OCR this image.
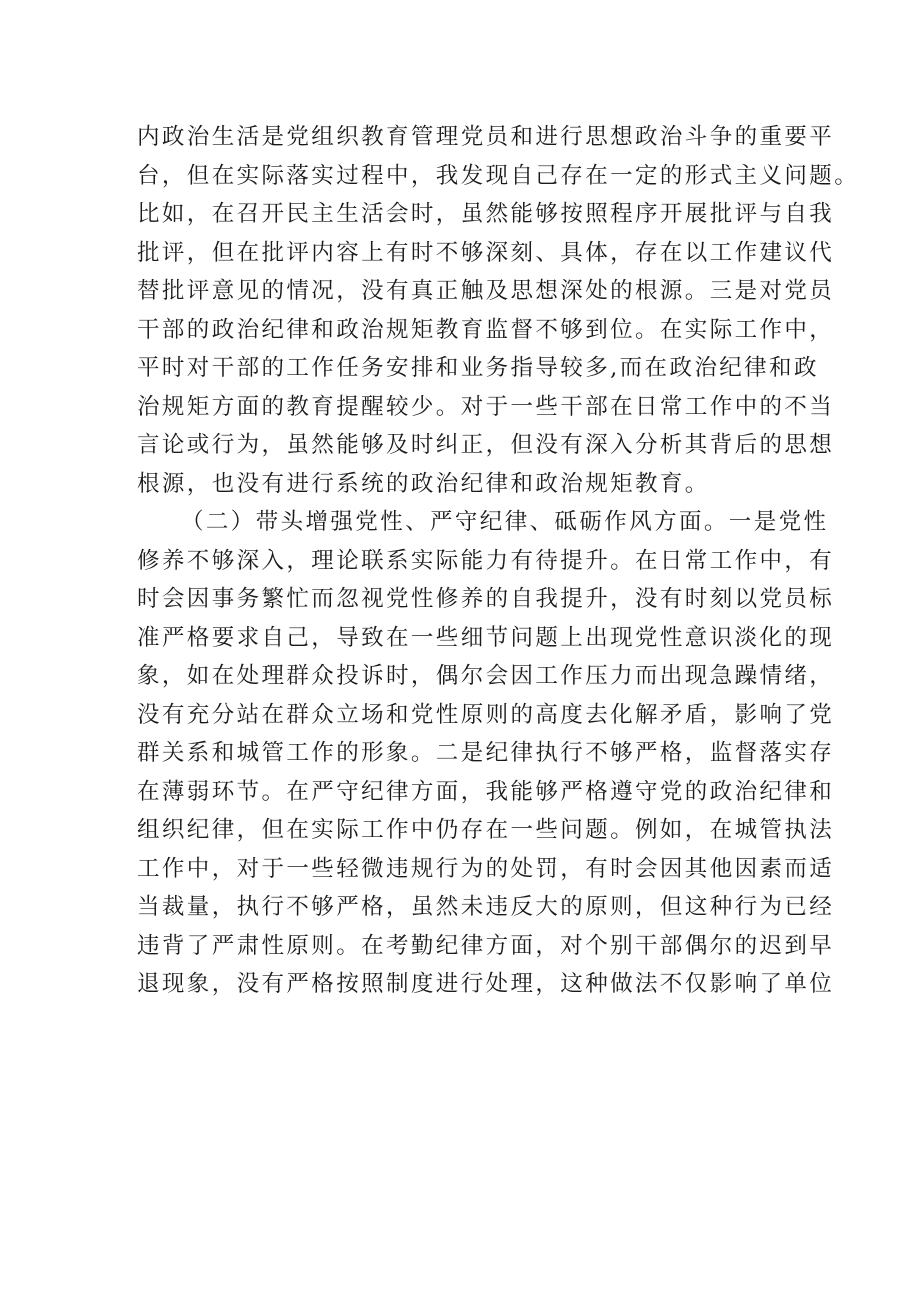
内政治生活是党组织教育管理党员和进行思想政治斗争的重要平
台，但在实际落实过程中，我发现自己存在一定的形式主义问题。
比如，在召开民主生活会时，虽然能够按照程序开展批评与自我
批评，但在批评内容上有时不够深刻、具体，存在以工作建议代
替批评意见的情况，没有真正触及思想深处的根源。三是对党员
干部的政治纪律和政治规矩教育监督不够到位。在实际工作中，
平时对干部的工作任务安排和业务指导较多,而在政治纪律和政
治规矩方面的教育提醒较少。对于一些干部在日常工作中的不当
言论或行为，虽然能够及时纠正，但没有深入分析其背后的思想
根源，也没有进行系统的政治纪律和政治规矩教育。
（二）带头增强党性、严守纪律、砥砺作风方面。一是党性
修养不够深入，理论联系实际能力有待提升。在日常工作中，有
时会因事务繁忙而忽视党性修养的自我提升，没有时刻以党员标
准严格要求自己，导致在一些细节问题上出现党性意识淡化的现
象，如在处理群众投诉时，偶尔会因工作压力而出现急躁情绪，
没有充分站在群众立场和党性原则的高度去化解矛盾，影响了党
群关系和城管工作的形象。二是纪律执行不够严格，监督落实存
在薄弱环节。在严守纪律方面，我能够严格遵守党的政治纪律和
组织纪律，但在实际工作中仍存在一些问题。例如，在城管执法
工作中，对于一些轻微违规行为的处罚，有时会因其他因素而适
当裁量，执行不够严格，虽然未违反大的原则，但这种行为已经
违背了严肃性原则。在考勤纪律方面，对个别干部偶尔的迟到早
退现象，没有严格按照制度进行处理，这种做法不仅影响了单位
